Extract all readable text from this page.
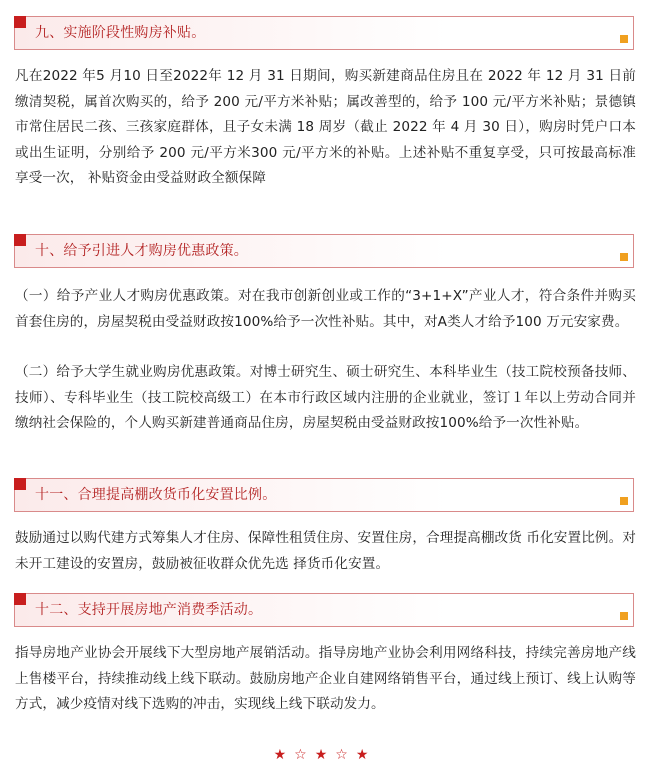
九、实施阶段性购房补贴。

凡在2022 年5 月10 日至2022年 12 月 31 日期间，购买新建商品住房且在 2022 年 12 月 31 日前缴清契税，属首次购买的，给予 200 元/平方米补贴；属改善型的，给予 100 元/平方米补贴；景德镇市常住居民二孩、三孩家庭群体，且子女未满 18 周岁（截止 2022 年 4 月 30 日），购房时凭户口本或出生证明，分别给予 200 元/平方米300 元/平方米的补贴。上述补贴不重复享受，只可按最高标准享受一次， 补贴资金由受益财政全额保障

十、给予引进人才购房优惠政策。

（一）给予产业人才购房优惠政策。对在我市创新创业或工作的“3+1+X”产业人才，符合条件并购买首套住房的，房屋契税由受益财政按100%给予一次性补贴。其中，对A类人才给予100 万元安家费。

（二）给予大学生就业购房优惠政策。对博士研究生、硕士研究生、本科毕业生（技工院校预备技师、技师）、专科毕业生（技工院校高级工）在本市行政区域内注册的企业就业，签订１年以上劳动合同并缴纳社会保险的，个人购买新建普通商品住房，房屋契税由受益财政按100%给予一次性补贴。

十一、合理提高棚改货币化安置比例。

鼓励通过以购代建方式筹集人才住房、保障性租赁住房、安置住房，合理提高棚改货 币化安置比例。对未开工建设的安置房，鼓励被征收群众优先选 择货币化安置。

十二、支持开展房地产消费季活动。

指导房地产业协会开展线下大型房地产展销活动。指导房地产业协会利用网络科技，持续完善房地产线上售楼平台，持续推动线上线下联动。鼓励房地产企业自建网络销售平台，通过线上预订、线上认购等方式，减少疫情对线下选购的冲击，实现线上线下联动发力。

★☆★☆★
